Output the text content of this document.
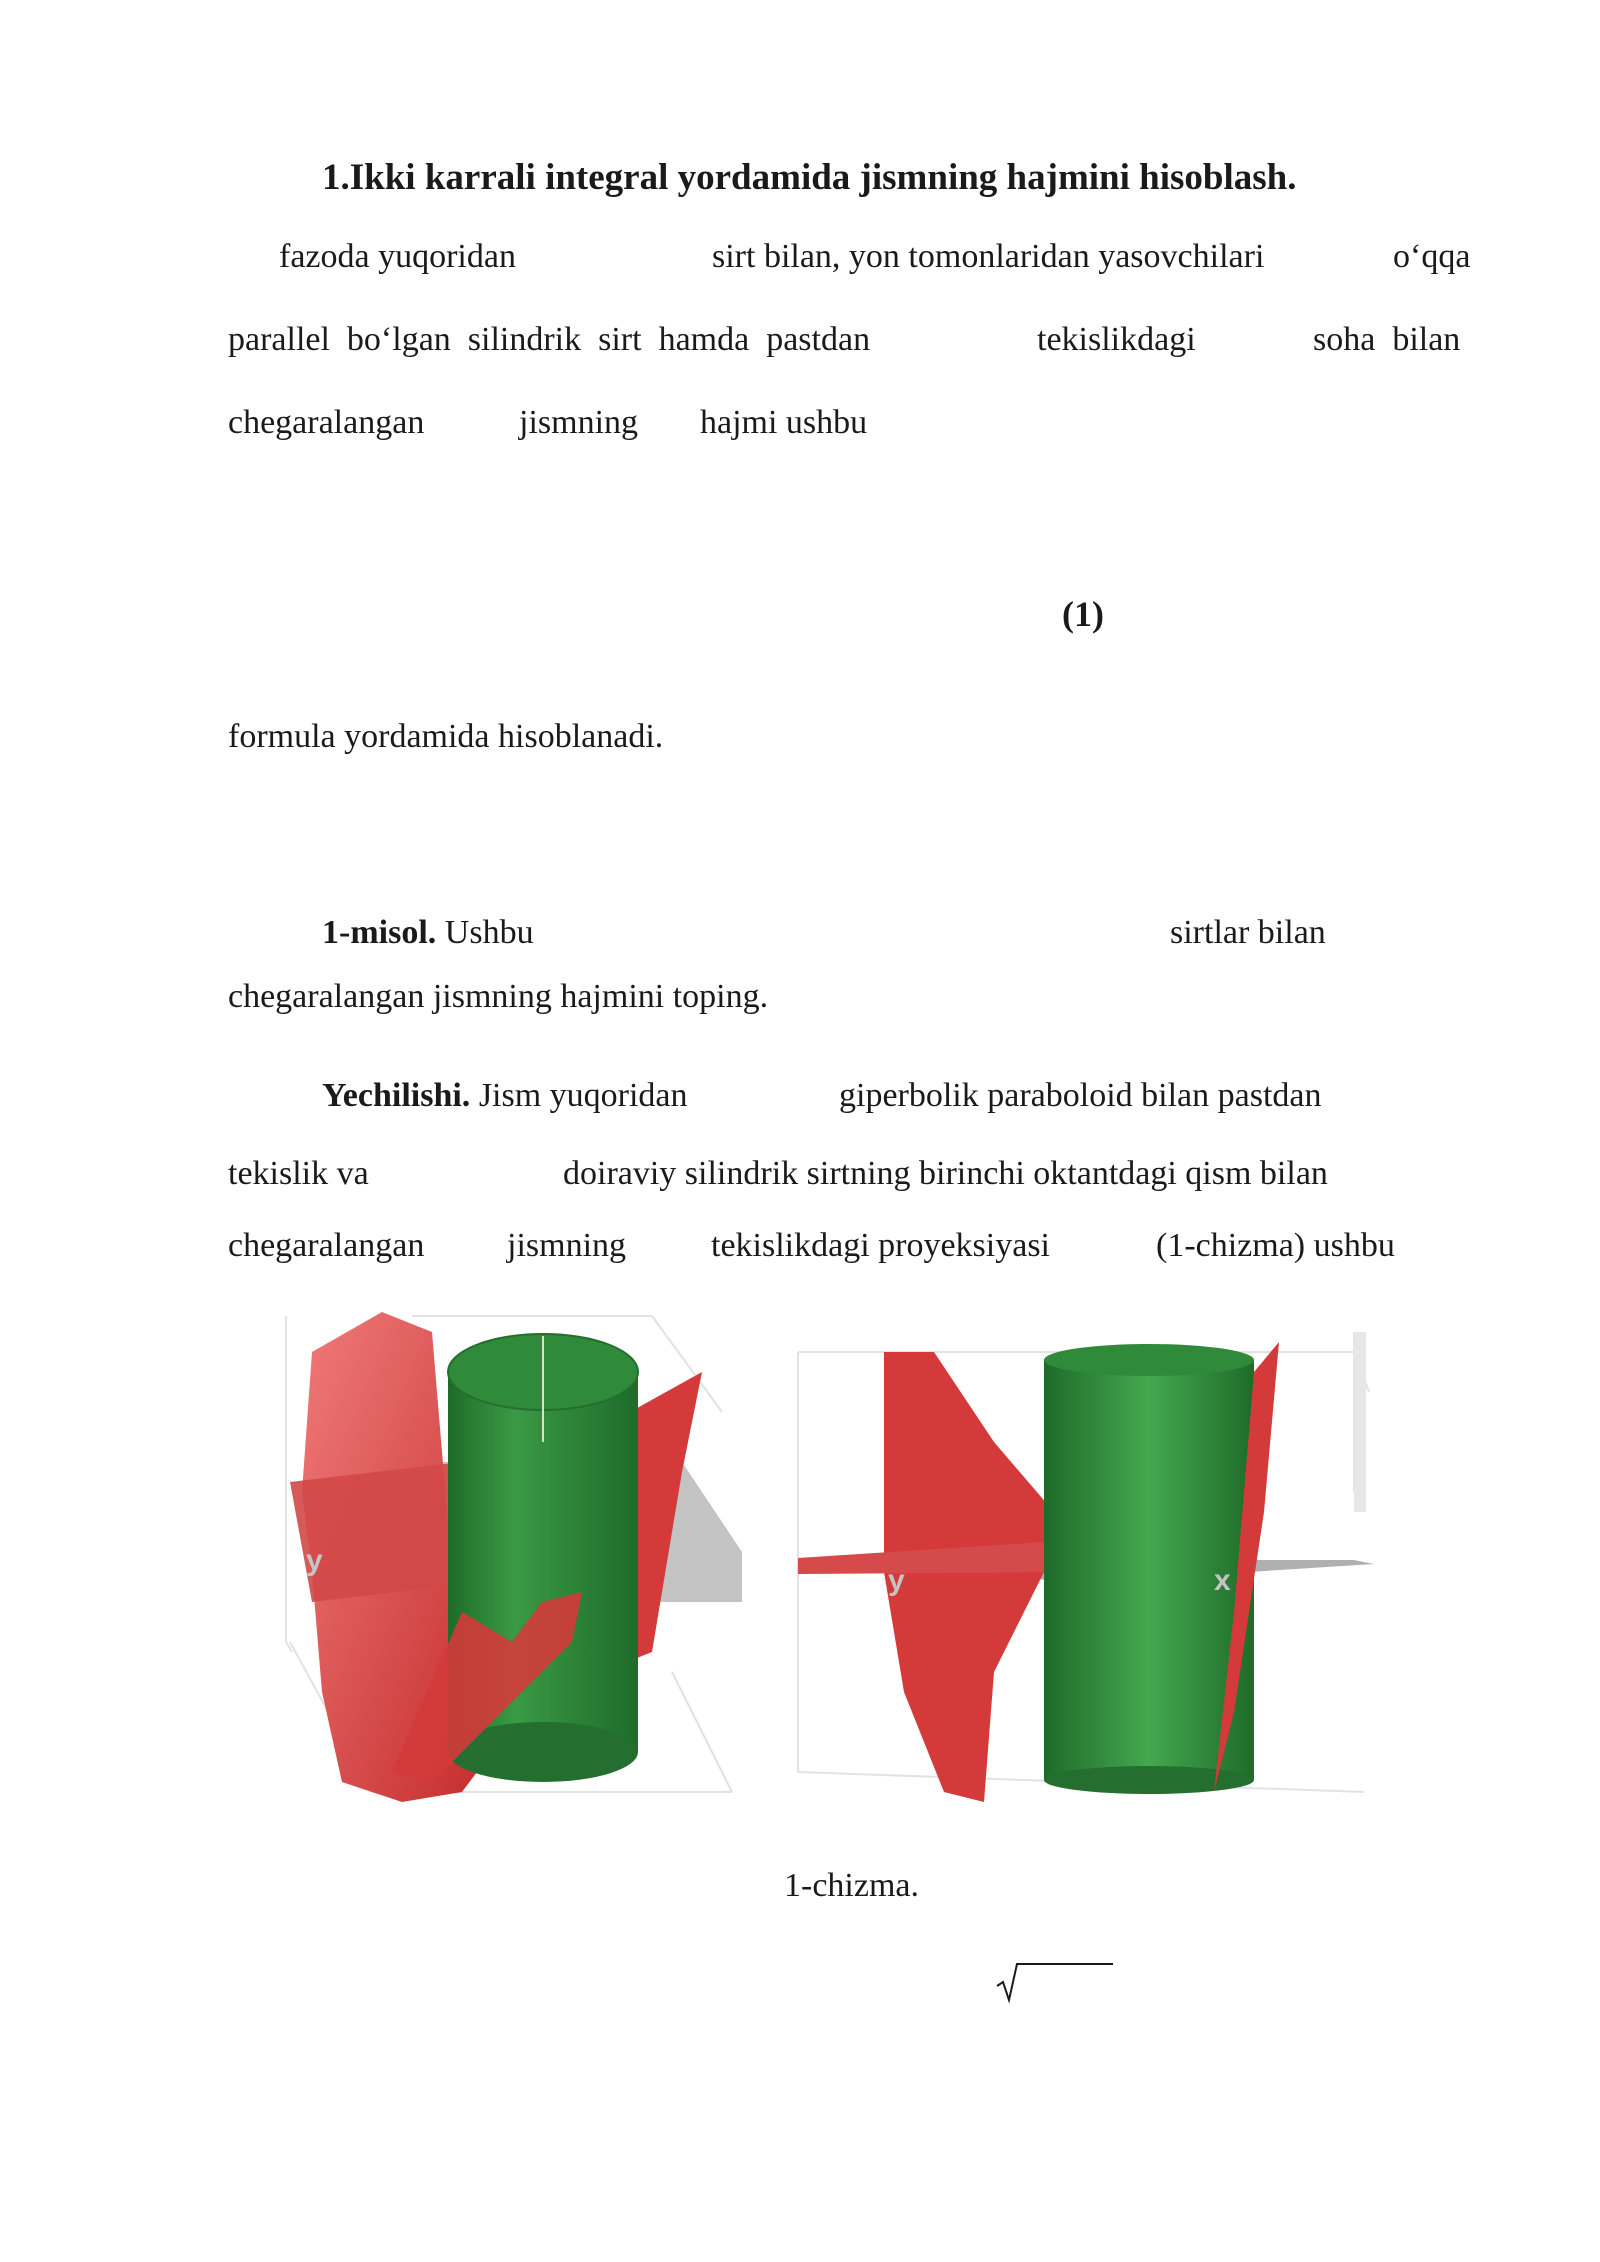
1.Ikki karrali integral yordamida jismning hajmini hisoblash.
fazoda yuqoridan	sirt bilan, yon tomonlaridan yasovchilari	o‘qqa
parallel  bo‘lgan  silindrik  sirt  hamda  pastdan	tekislikdagi	soha  bilan
chegaralangan	jismning hajmi ushbu
(1)
formula yordamida hisoblanadi.
1-misol. Ushbu	sirtlar bilan
chegaralangan jismning hajmini toping.
Yechilishi. Jism yuqoridan	giperbolik paraboloid bilan pastdan
tekislik va	doiraviy silindrik sirtning birinchi oktantdagi qism bilan
chegaralangan jismning tekislikdagi proyeksiyasi	(1-chizma) ushbu
y
y	x
1-chizma.
